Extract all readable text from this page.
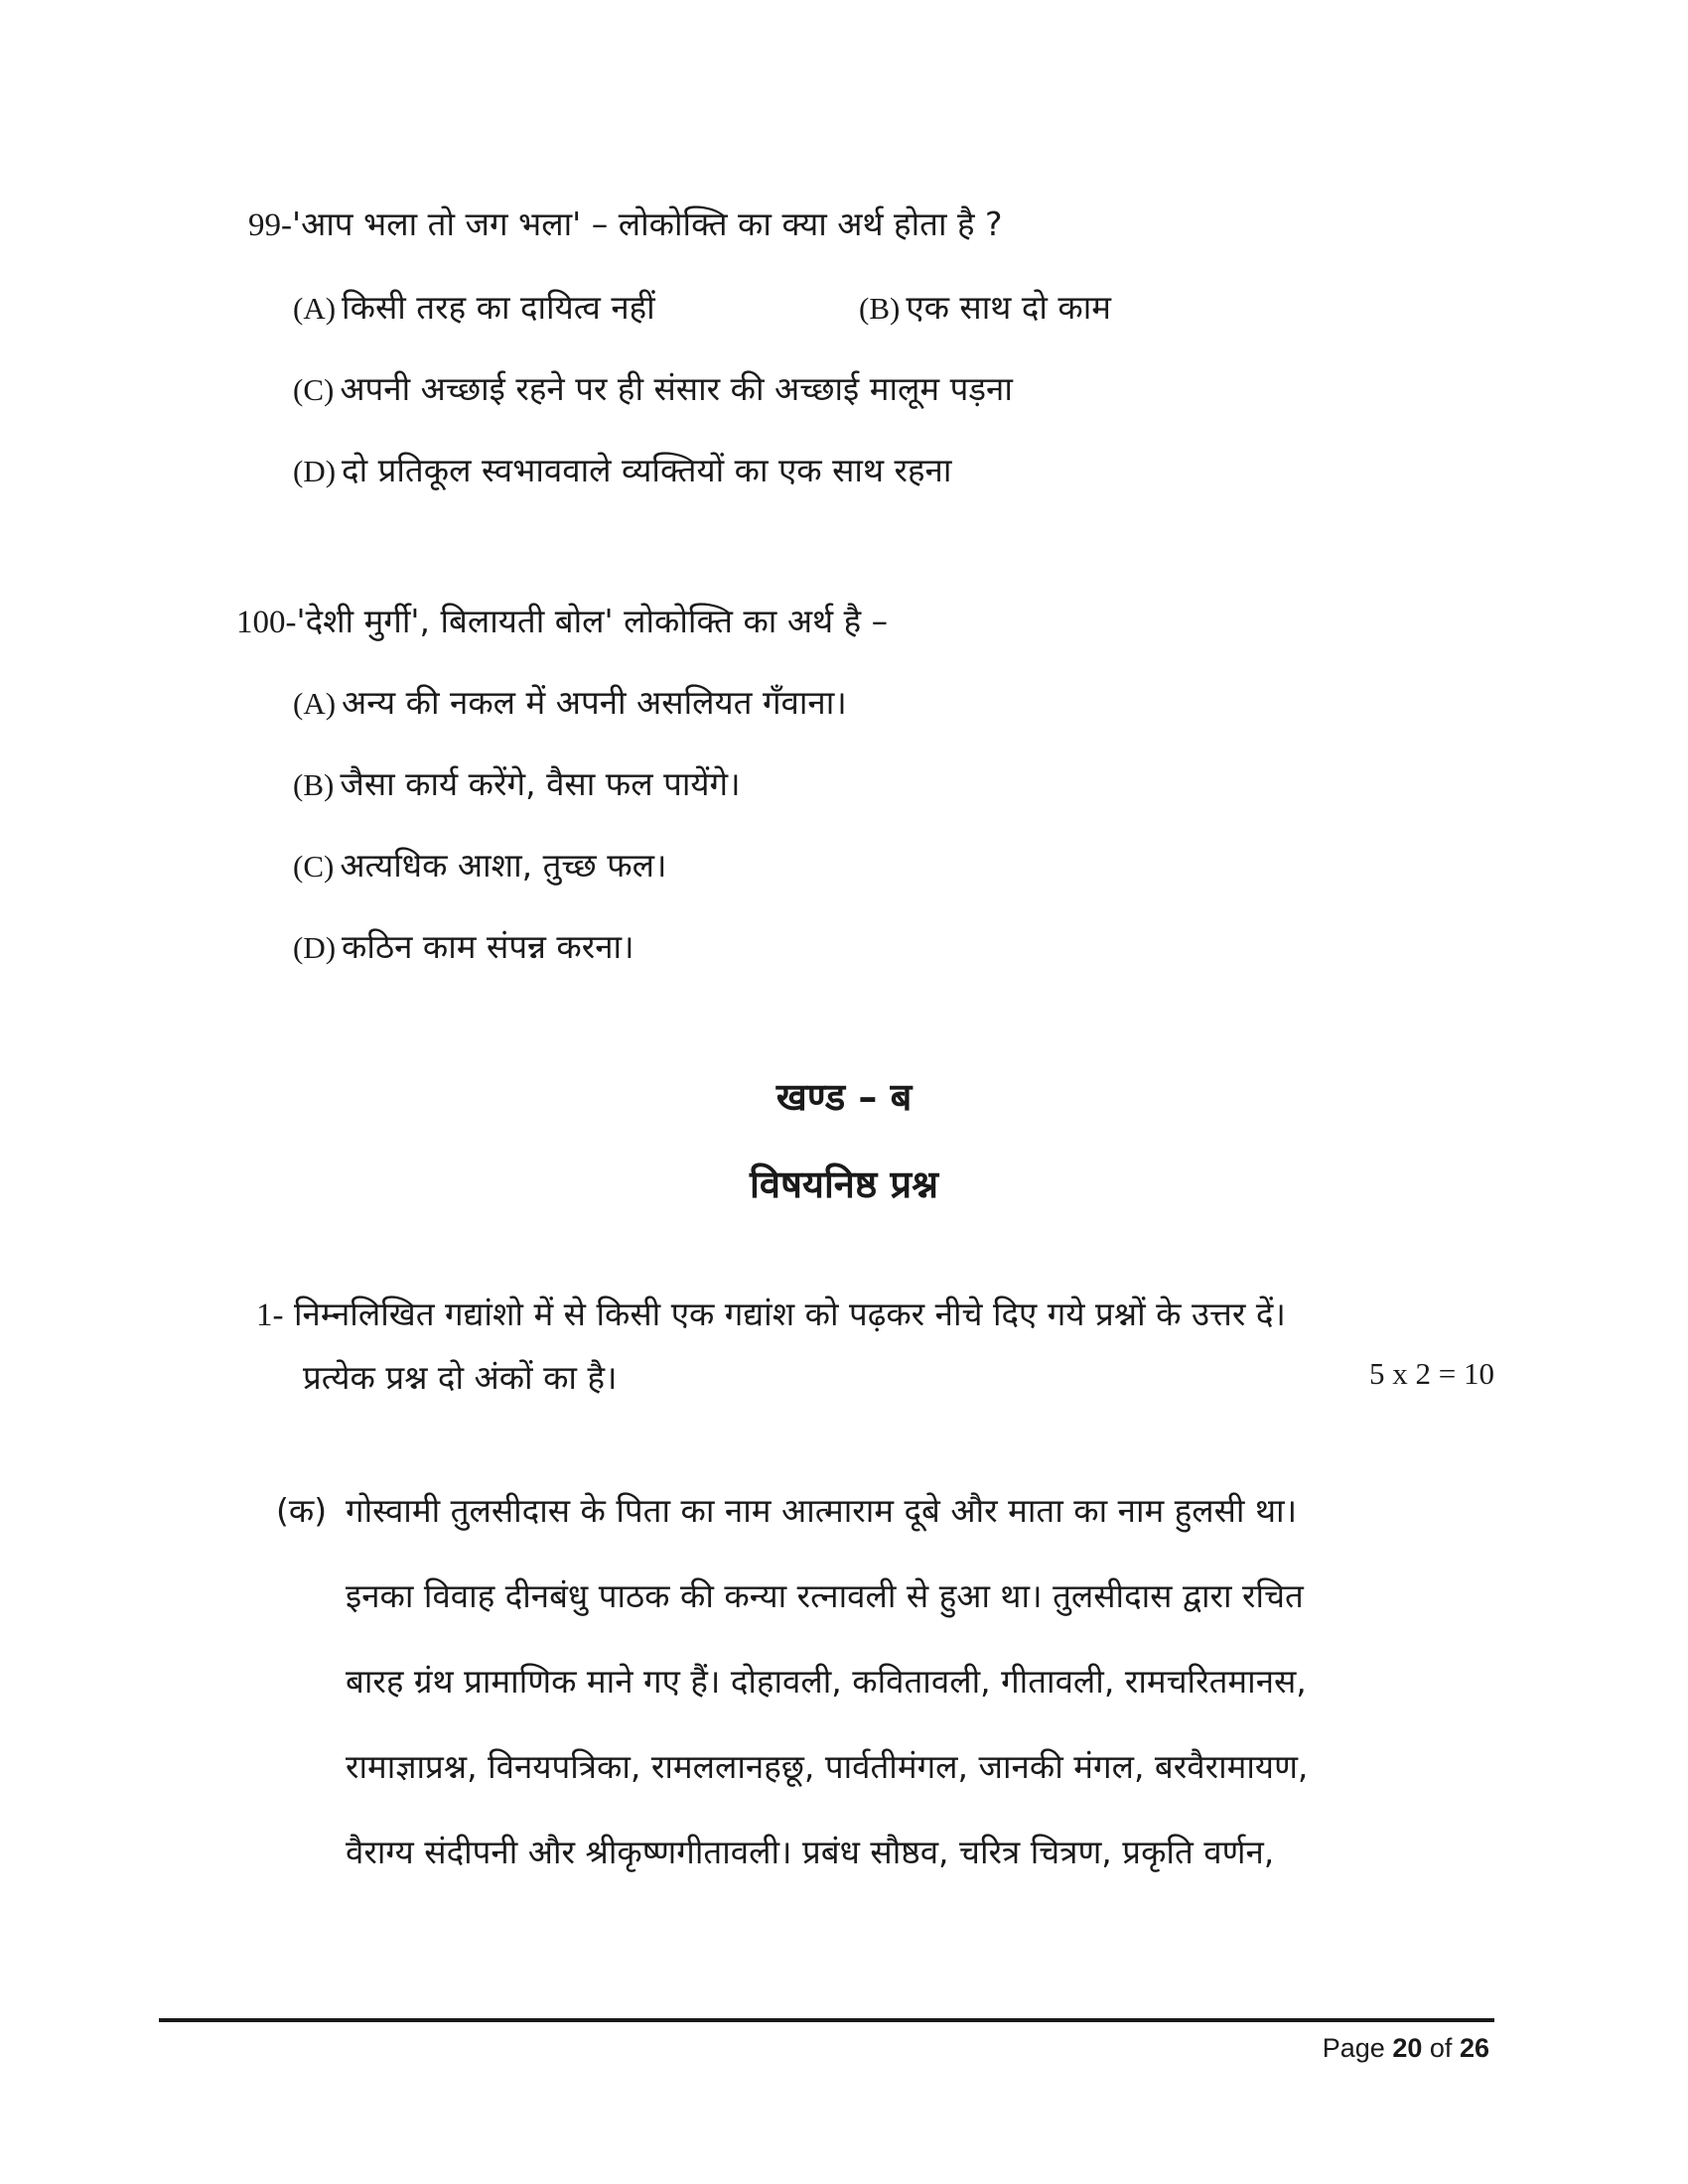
99-'आप भला तो जग भला' – लोकोक्ति का क्या अर्थ होता है ?
(A) किसी तरह का दायित्व नहीं	(B) एक साथ दो काम
(C) अपनी अच्छाई रहने पर ही संसार की अच्छाई मालूम पड़ना
(D) दो प्रतिकूल स्वभाववाले व्यक्तियों का एक साथ रहना
100-'देशी मुर्गी', बिलायती बोल' लोकोक्ति का अर्थ है –
(A) अन्य की नकल में अपनी असलियत गँवाना।
(B) जैसा कार्य करेंगे, वैसा फल पायेंगे।
(C) अत्यधिक आशा, तुच्छ फल।
(D) कठिन काम संपन्न करना।
खण्ड – ब
विषयनिष्ठ प्रश्न
1- निम्नलिखित गद्यांशो में से किसी एक गद्यांश को पढ़कर नीचे दिए गये प्रश्नों के उत्तर दें।
प्रत्येक प्रश्न दो अंकों का है।	5 x 2 = 10
(क) गोस्वामी तुलसीदास के पिता का नाम आत्माराम दूबे और माता का नाम हुलसी था।
इनका विवाह दीनबंधु पाठक की कन्या रत्नावली से हुआ था। तुलसीदास द्वारा रचित
बारह ग्रंथ प्रामाणिक माने गए हैं। दोहावली, कवितावली, गीतावली, रामचरितमानस,
रामाज्ञाप्रश्न, विनयपत्रिका, रामललानहछू, पार्वतीमंगल, जानकी मंगल, बरवैरामायण,
वैराग्य संदीपनी और श्रीकृष्णगीतावली। प्रबंध सौष्ठव, चरित्र चित्रण, प्रकृति वर्णन,
Page 20 of 26
